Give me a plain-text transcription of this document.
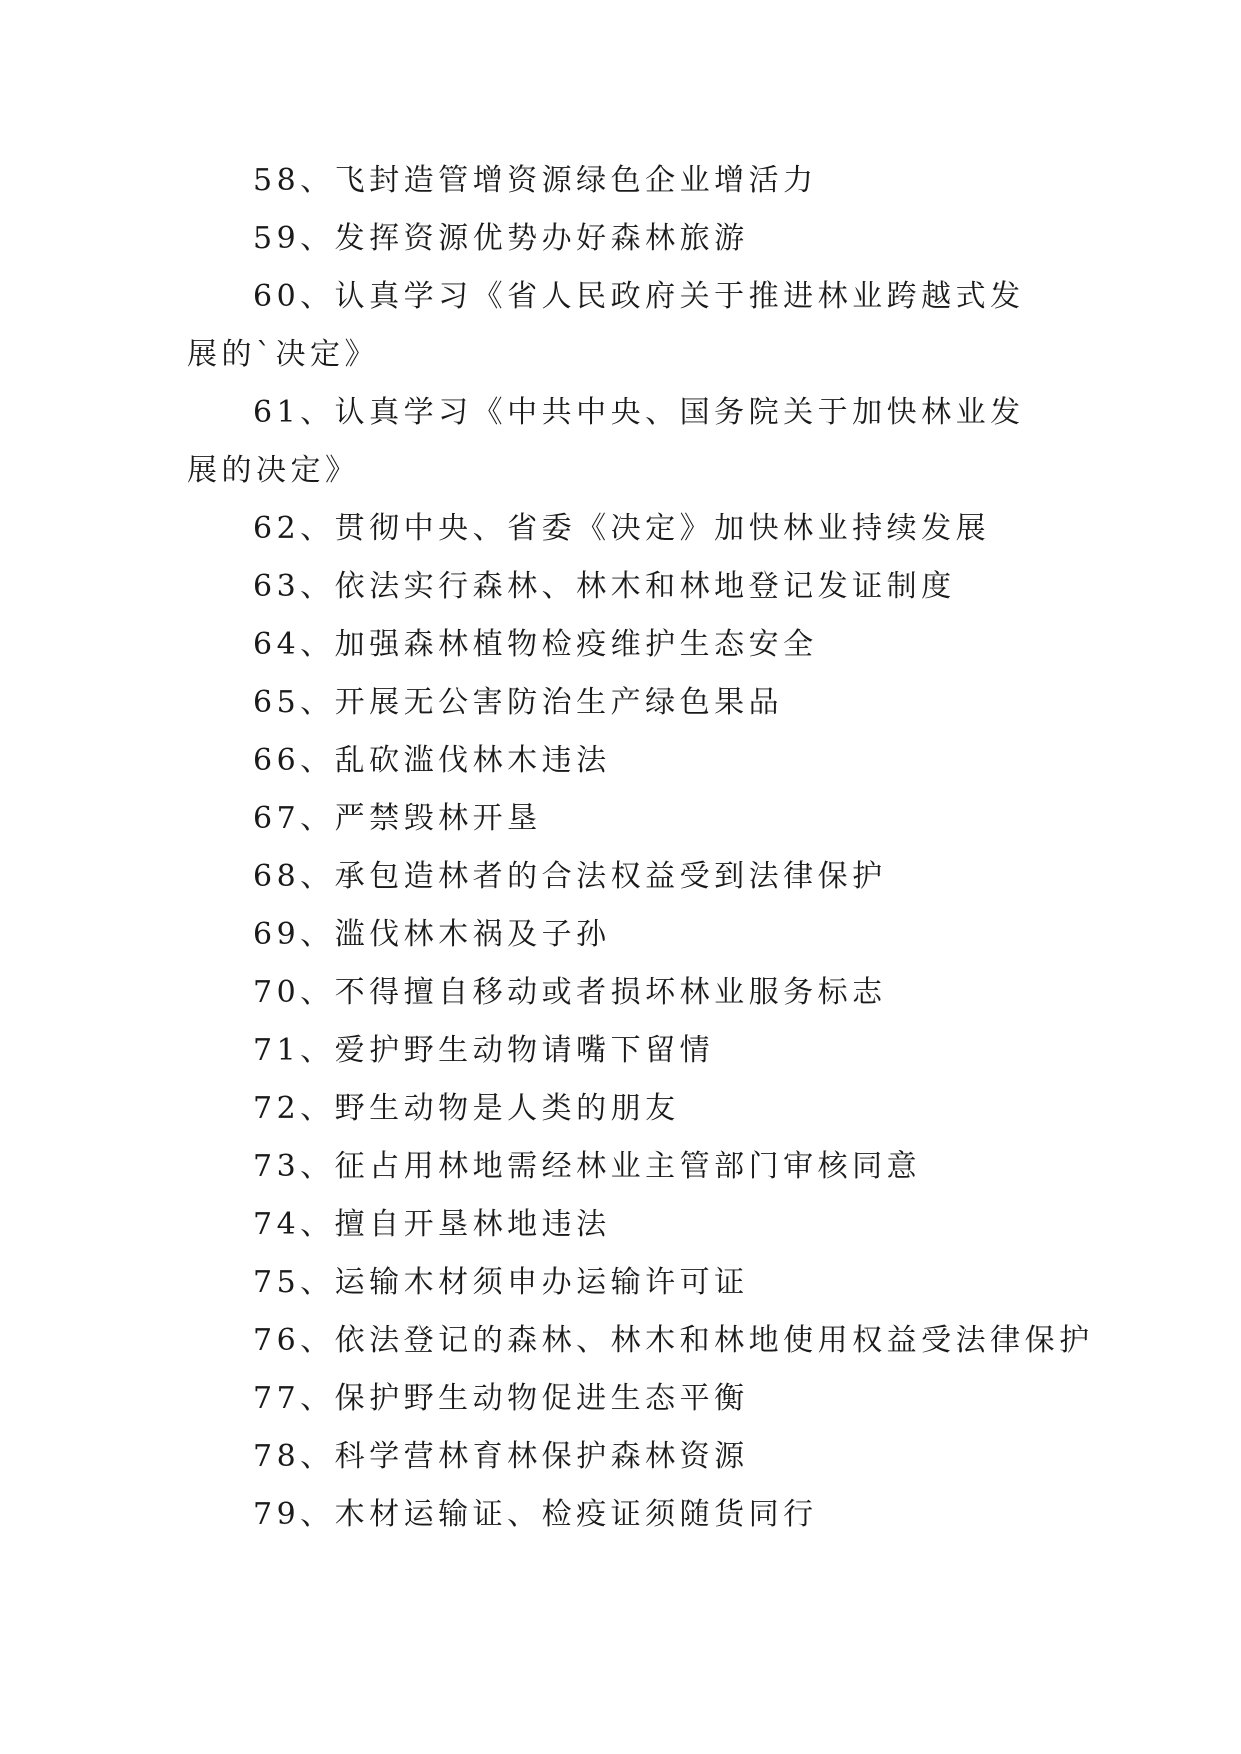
58、飞封造管增资源绿色企业增活力

59、发挥资源优势办好森林旅游

60、认真学习《省人民政府关于推进林业跨越式发展的`决定》

61、认真学习《中共中央、国务院关于加快林业发展的决定》

62、贯彻中央、省委《决定》加快林业持续发展

63、依法实行森林、林木和林地登记发证制度

64、加强森林植物检疫维护生态安全

65、开展无公害防治生产绿色果品

66、乱砍滥伐林木违法

67、严禁毁林开垦

68、承包造林者的合法权益受到法律保护

69、滥伐林木祸及子孙

70、不得擅自移动或者损坏林业服务标志

71、爱护野生动物请嘴下留情

72、野生动物是人类的朋友

73、征占用林地需经林业主管部门审核同意

74、擅自开垦林地违法

75、运输木材须申办运输许可证

76、依法登记的森林、林木和林地使用权益受法律保护

77、保护野生动物促进生态平衡

78、科学营林育林保护森林资源

79、木材运输证、检疫证须随货同行
